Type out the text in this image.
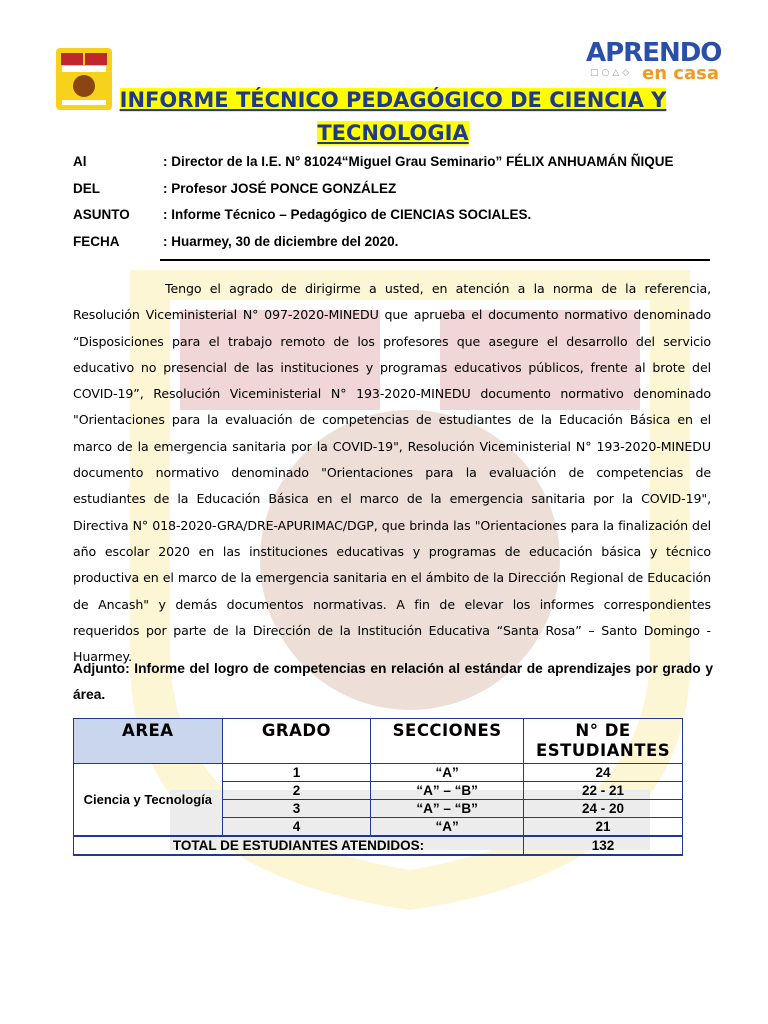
APRENDO
□○△◇ en casa
INFORME TÉCNICO PEDAGÓGICO DE CIENCIA Y TECNOLOGIA
Al	: Director de la I.E. N° 81024“Miguel Grau Seminario” FÉLIX ANHUAMÁN ÑIQUE
DEL	: Profesor JOSÉ PONCE GONZÁLEZ
ASUNTO : Informe Técnico – Pedagógico de CIENCIAS SOCIALES.
FECHA	: Huarmey, 30 de diciembre del 2020.
Tengo el agrado de dirigirme a usted, en atención a la norma de la referencia, Resolución Viceministerial N° 097-2020-MINEDU que aprueba el documento normativo denominado “Disposiciones para el trabajo remoto de los profesores que asegure el desarrollo del servicio educativo no presencial de las instituciones y programas educativos públicos, frente al brote del COVID-19”, Resolución Viceministerial N° 193-2020-MINEDU documento normativo denominado "Orientaciones para la evaluación de competencias de estudiantes de la Educación Básica en el marco de la emergencia sanitaria por la COVID-19", Resolución Viceministerial N° 193-2020-MINEDU documento normativo denominado "Orientaciones para la evaluación de competencias de estudiantes de la Educación Básica en el marco de la emergencia sanitaria por la COVID-19", Directiva N° 018-2020-GRA/DRE-APURIMAC/DGP, que brinda las "Orientaciones para la finalización del año escolar 2020 en las instituciones educativas y programas de educación básica y técnico productiva en el marco de la emergencia sanitaria en el ámbito de la Dirección Regional de Educación de Ancash" y demás documentos normativas. A fin de elevar los informes correspondientes requeridos por parte de la Dirección de la Institución Educativa “Santa Rosa” – Santo Domingo - Huarmey.
Adjunto: Informe del logro de competencias en relación al estándar de aprendizajes por grado y área.
AREA	GRADO	SECCIONES	N° DE ESTUDIANTES
Ciencia y Tecnología	1	“A”	24
	2	“A” – “B”	22 - 21
	3	“A” – “B”	24 - 20
	4	“A”	21
TOTAL DE ESTUDIANTES ATENDIDOS:			132
